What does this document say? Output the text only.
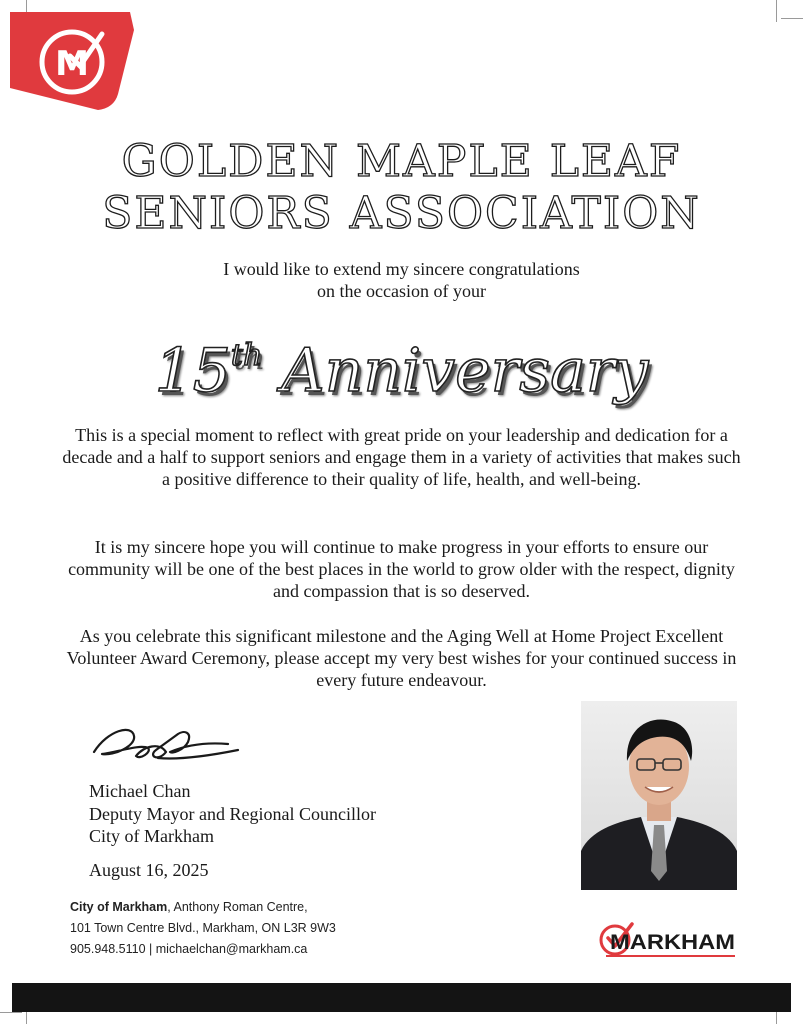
M
GOLDEN MAPLE LEAF
SENIORS ASSOCIATION
I would like to extend my sincere congratulations
on the occasion of your
15th Anniversary
This is a special moment to reflect with great pride on your leadership and dedication for a decade and a half to support seniors and engage them in a variety of activities that makes such a positive difference to their quality of life, health, and well-being.
It is my sincere hope you will continue to make progress in your efforts to ensure our community will be one of the best places in the world to grow older with the respect, dignity and compassion that is so deserved.
As you celebrate this significant milestone and the Aging Well at Home Project Excellent Volunteer Award Ceremony, please accept my very best wishes for your continued success in every future endeavour.
Michael Chan
Deputy Mayor and Regional Councillor
City of Markham
August 16, 2025
City of Markham, Anthony Roman Centre,
101 Town Centre Blvd., Markham, ON L3R 9W3
905.948.5110 | michaelchan@markham.ca	MARKHAM
